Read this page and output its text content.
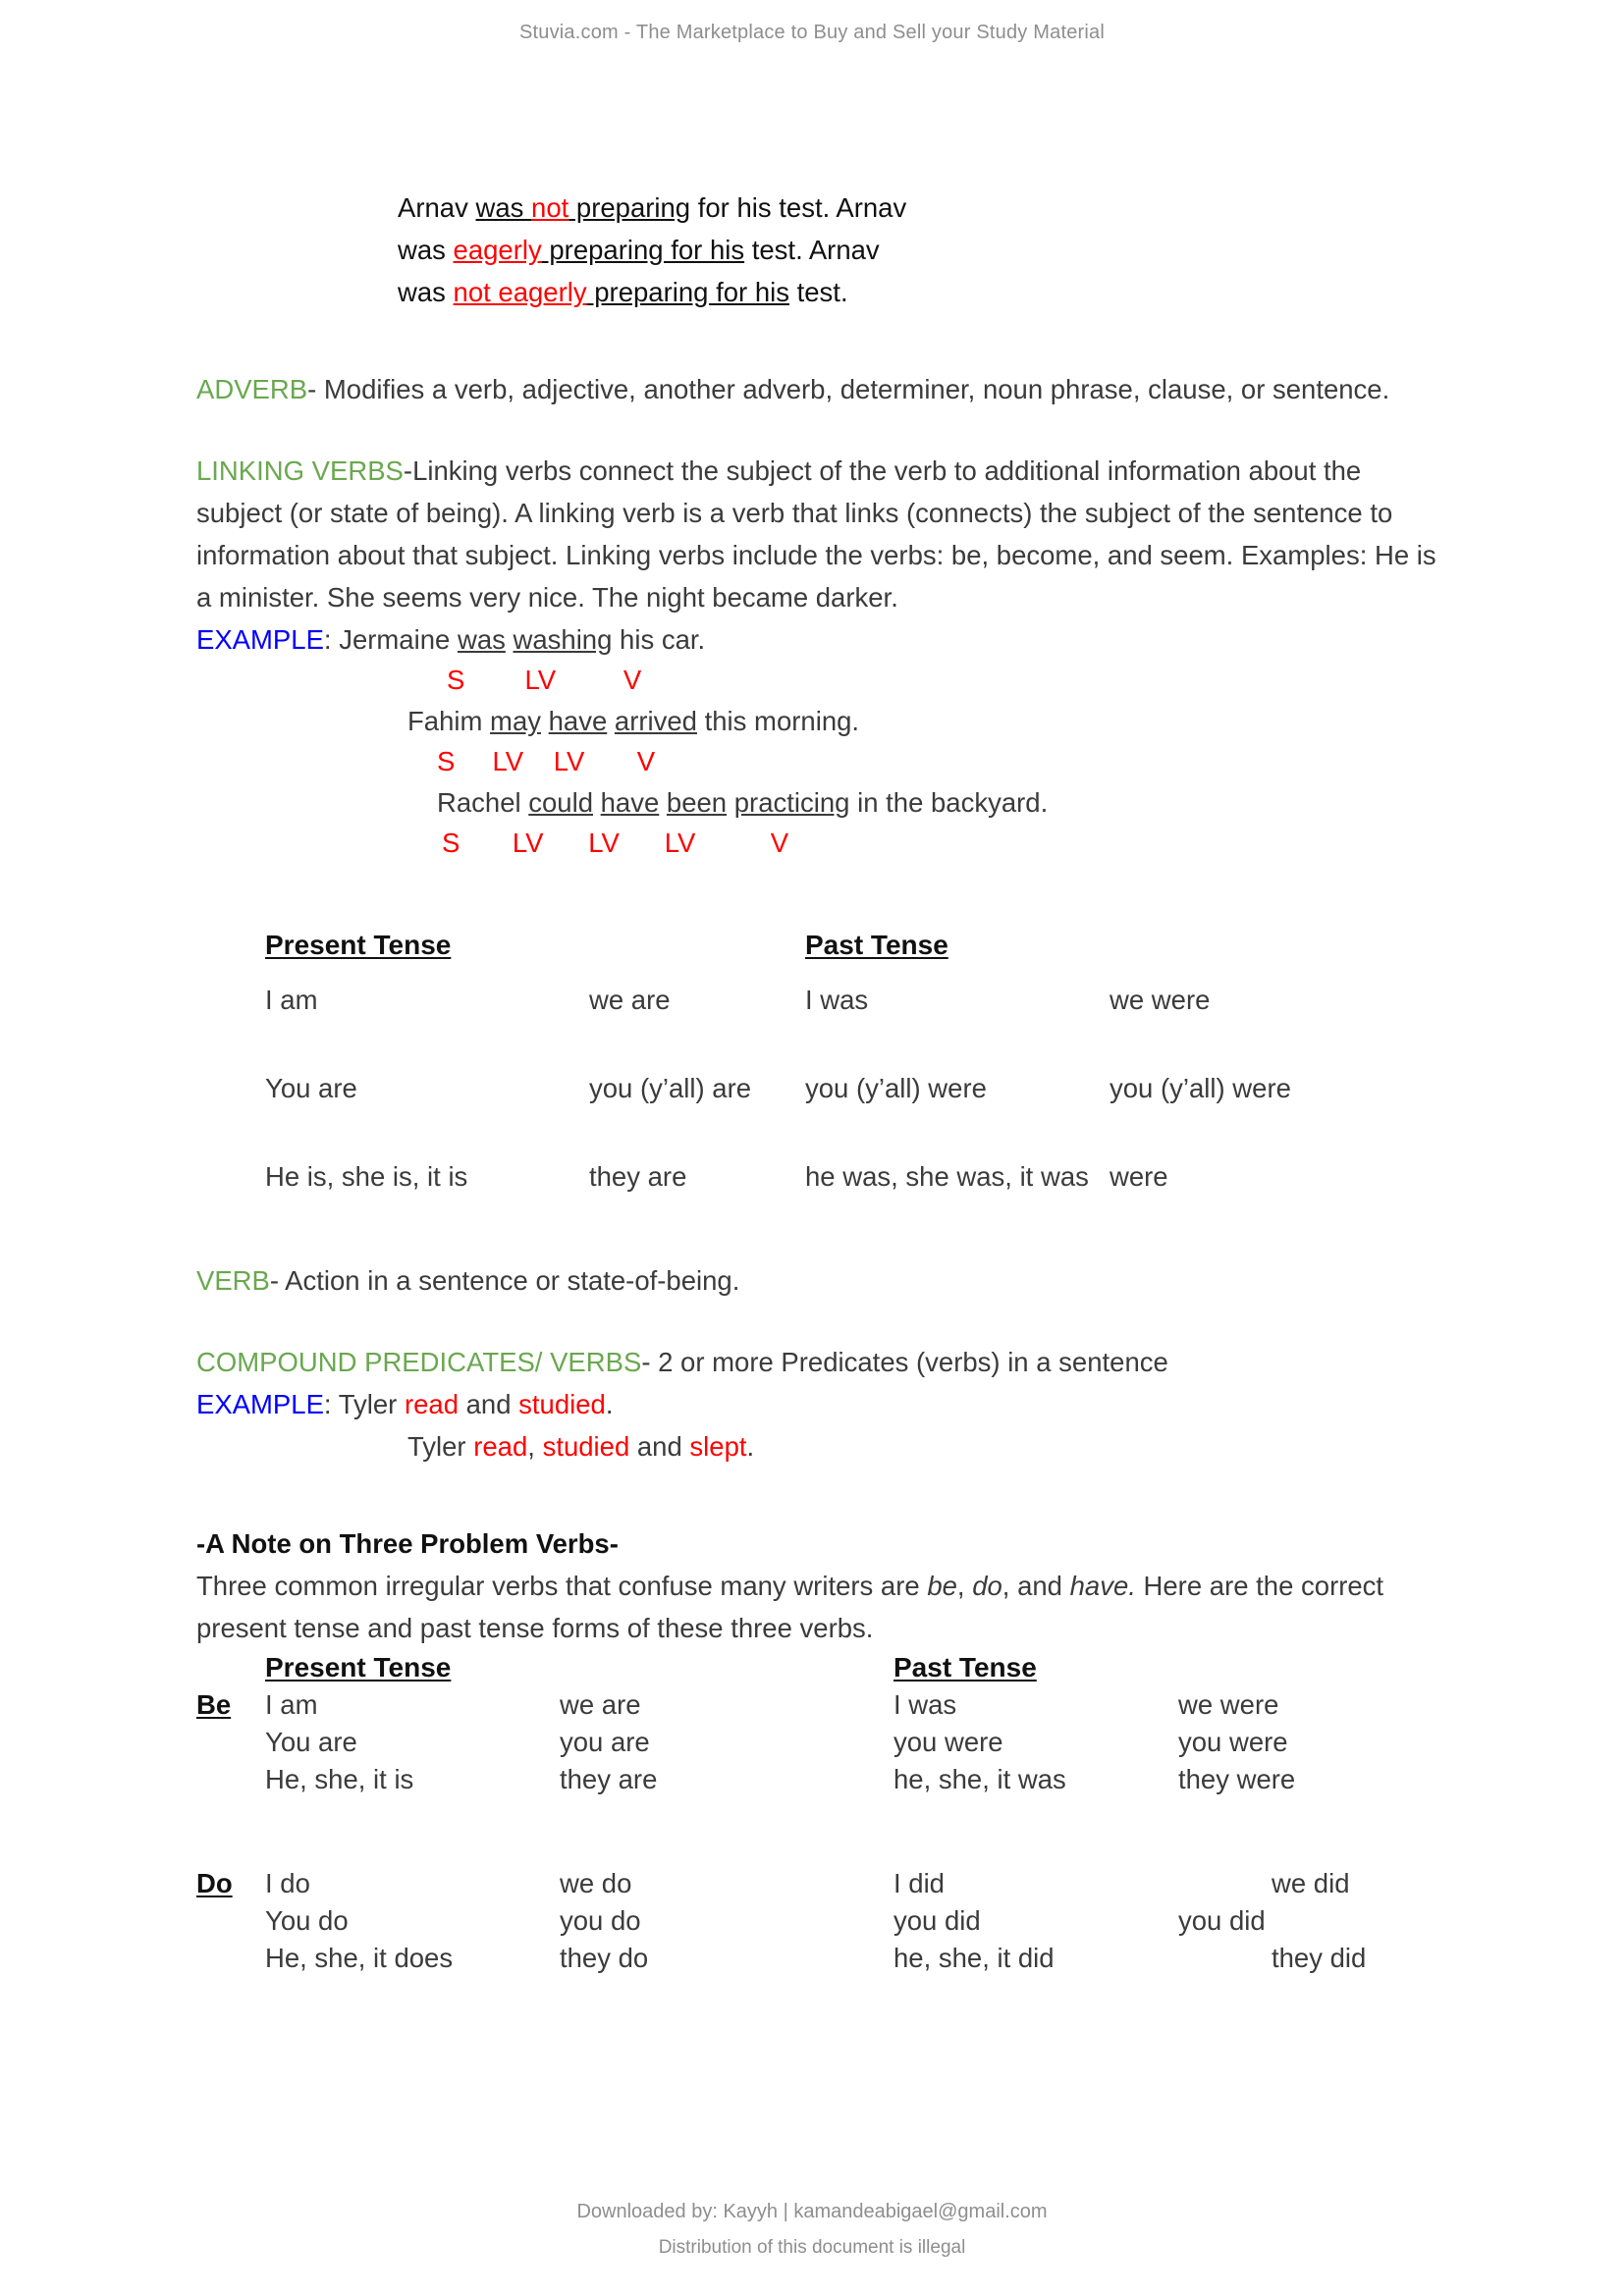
Stuvia.com - The Marketplace to Buy and Sell your Study Material
Arnav was not preparing for his test. Arnav
was eagerly preparing for his test. Arnav
was not eagerly preparing for his test.
ADVERB- Modifies a verb, adjective, another adverb, determiner, noun phrase, clause, or sentence.
LINKING VERBS-Linking verbs connect the subject of the verb to additional information about the subject (or state of being). A linking verb is a verb that links (connects) the subject of the sentence to information about that subject. Linking verbs include the verbs: be, become, and seem. Examples: He is a minister. She seems very nice. The night became darker.
EXAMPLE: Jermaine was washing his car.
S        LV         V
Fahim may have arrived this morning.
S     LV    LV       V
Rachel could have been practicing in the backyard.
S       LV      LV      LV          V
	Present Tense		Past Tense	
	I am	we are	I was	we were

	You are	you (y’all) are	you (y’all) were	you (y’all) were

	He is, she is, it is	they are	he was, she was, it was	were
VERB- Action in a sentence or state-of-being.
COMPOUND PREDICATES/ VERBS- 2 or more Predicates (verbs) in a sentence
EXAMPLE: Tyler read and studied.
Tyler read, studied and slept.
-A Note on Three Problem Verbs-
Three common irregular verbs that confuse many writers are be, do, and have. Here are the correct present tense and past tense forms of these three verbs.
	Present Tense		Past Tense	
Be	I am	we are	I was	we were
	You are	you are	you were	you were
	He, she, it is	they are	he, she, it was	they were

Do	I do	we do	I did	we did
	You do	you do	you did	you did
	He, she, it does	they do	he, she, it did	they did
Downloaded by: Kayyh | kamandeabigael@gmail.com
Distribution of this document is illegal
